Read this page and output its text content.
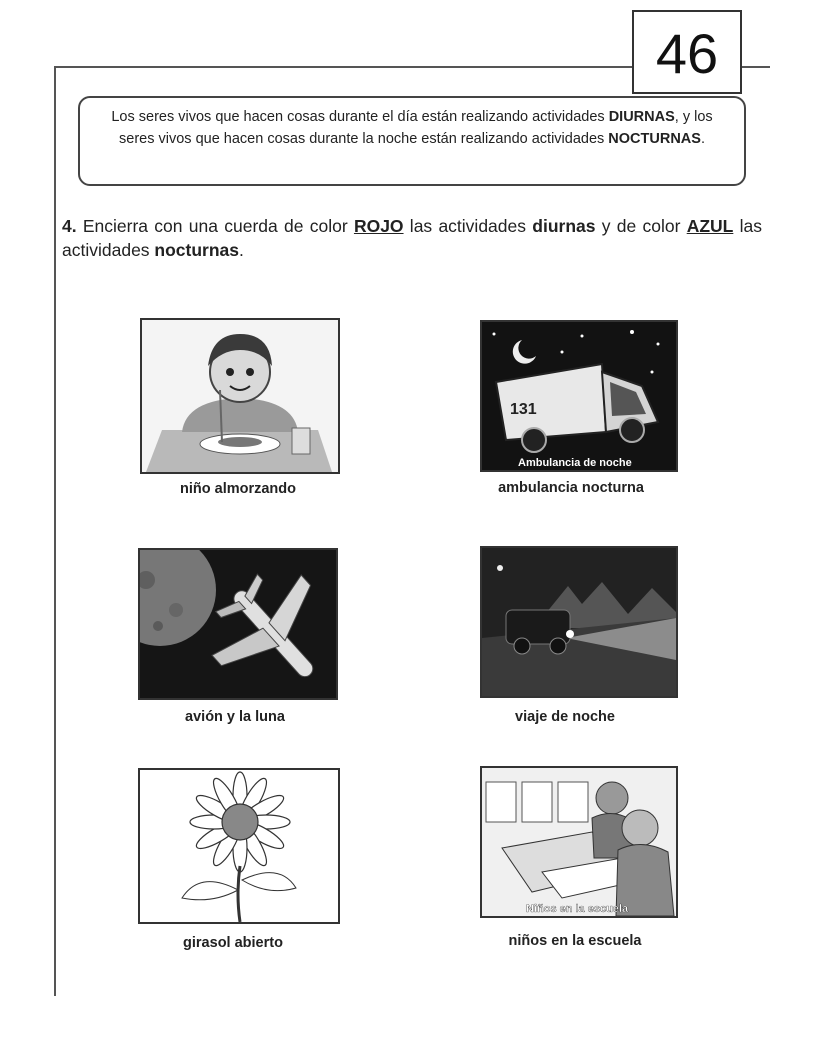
46
Los seres vivos que hacen cosas durante el día están realizando actividades DIURNAS, y los seres vivos que hacen cosas durante la noche están realizando actividades NOCTURNAS.
4. Encierra con una cuerda de color ROJO las actividades diurnas y de color AZUL las actividades nocturnas.
niño almorzando
131
Ambulancia de noche
ambulancia nocturna
avión y la luna	viaje de noche
girasol abierto
Niños en la escuela
niños en la escuela
